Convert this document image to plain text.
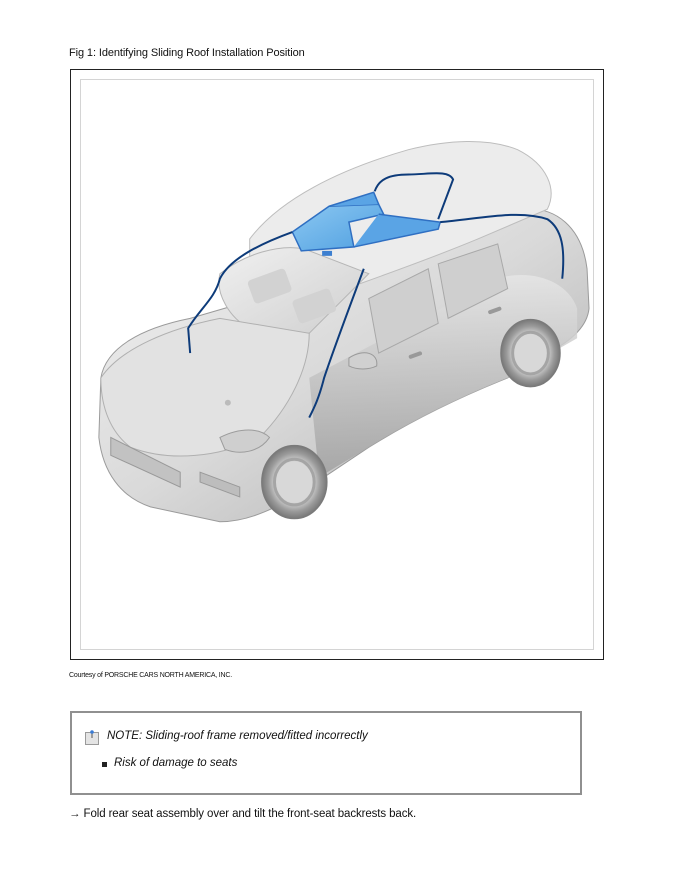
Fig 1: Identifying Sliding Roof Installation Position
Courtesy of PORSCHE CARS NORTH AMERICA, INC.
NOTE: Sliding-roof frame removed/fitted incorrectly
Risk of damage to seats
→ Fold rear seat assembly over and tilt the front-seat backrests back.
